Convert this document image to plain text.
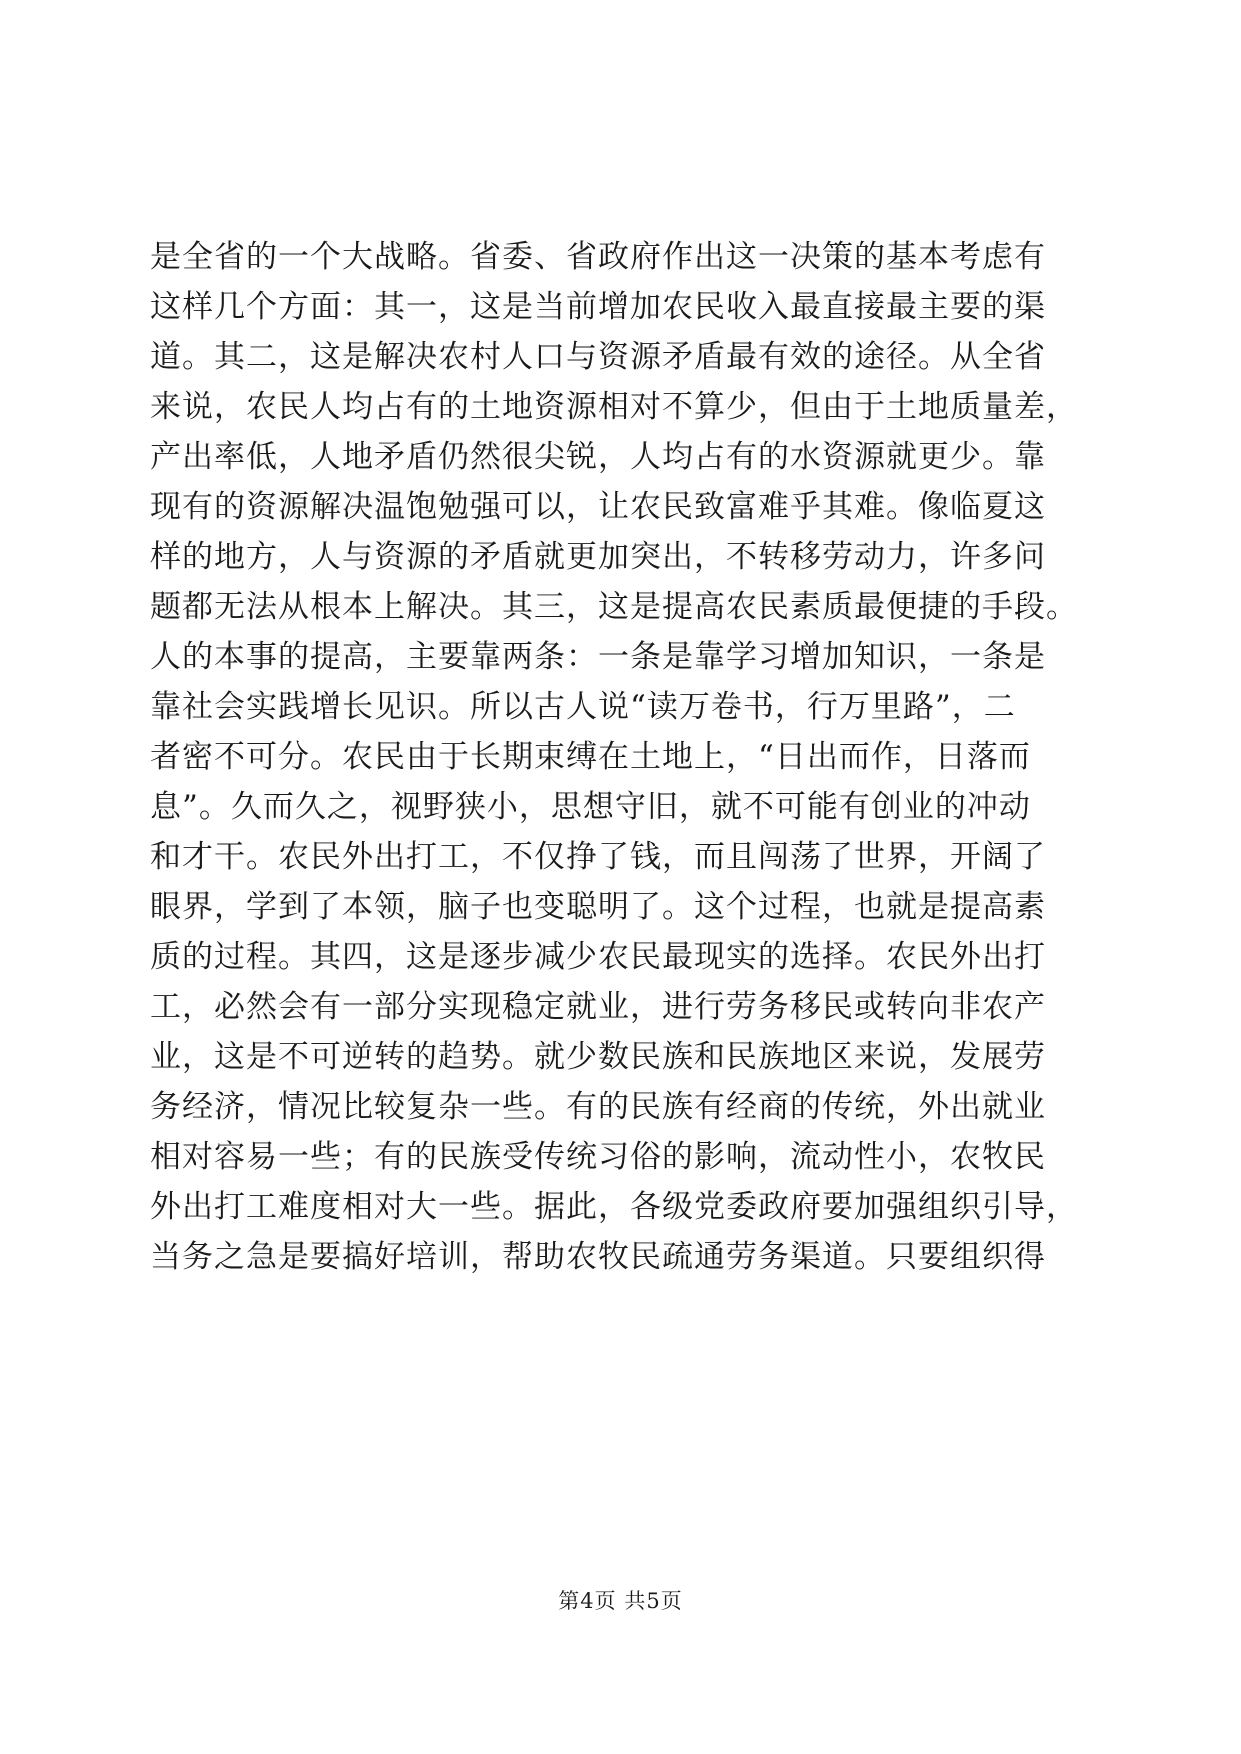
是全省的一个大战略。省委、省政府作出这一决策的基本考虑有
这样几个方面：其一，这是当前增加农民收入最直接最主要的渠
道。其二，这是解决农村人口与资源矛盾最有效的途径。从全省
来说，农民人均占有的土地资源相对不算少，但由于土地质量差，
产出率低，人地矛盾仍然很尖锐，人均占有的水资源就更少。靠
现有的资源解决温饱勉强可以，让农民致富难乎其难。像临夏这
样的地方，人与资源的矛盾就更加突出，不转移劳动力，许多问
题都无法从根本上解决。其三，这是提高农民素质最便捷的手段。
人的本事的提高，主要靠两条：一条是靠学习增加知识，一条是
靠社会实践增长见识。所以古人说“读万卷书，行万里路”，二
者密不可分。农民由于长期束缚在土地上，“日出而作，日落而
息”。久而久之，视野狭小，思想守旧，就不可能有创业的冲动
和才干。农民外出打工，不仅挣了钱，而且闯荡了世界，开阔了
眼界，学到了本领，脑子也变聪明了。这个过程，也就是提高素
质的过程。其四，这是逐步减少农民最现实的选择。农民外出打
工，必然会有一部分实现稳定就业，进行劳务移民或转向非农产
业，这是不可逆转的趋势。就少数民族和民族地区来说，发展劳
务经济，情况比较复杂一些。有的民族有经商的传统，外出就业
相对容易一些；有的民族受传统习俗的影响，流动性小，农牧民
外出打工难度相对大一些。据此，各级党委政府要加强组织引导，
当务之急是要搞好培训，帮助农牧民疏通劳务渠道。只要组织得
第4页 共5页
